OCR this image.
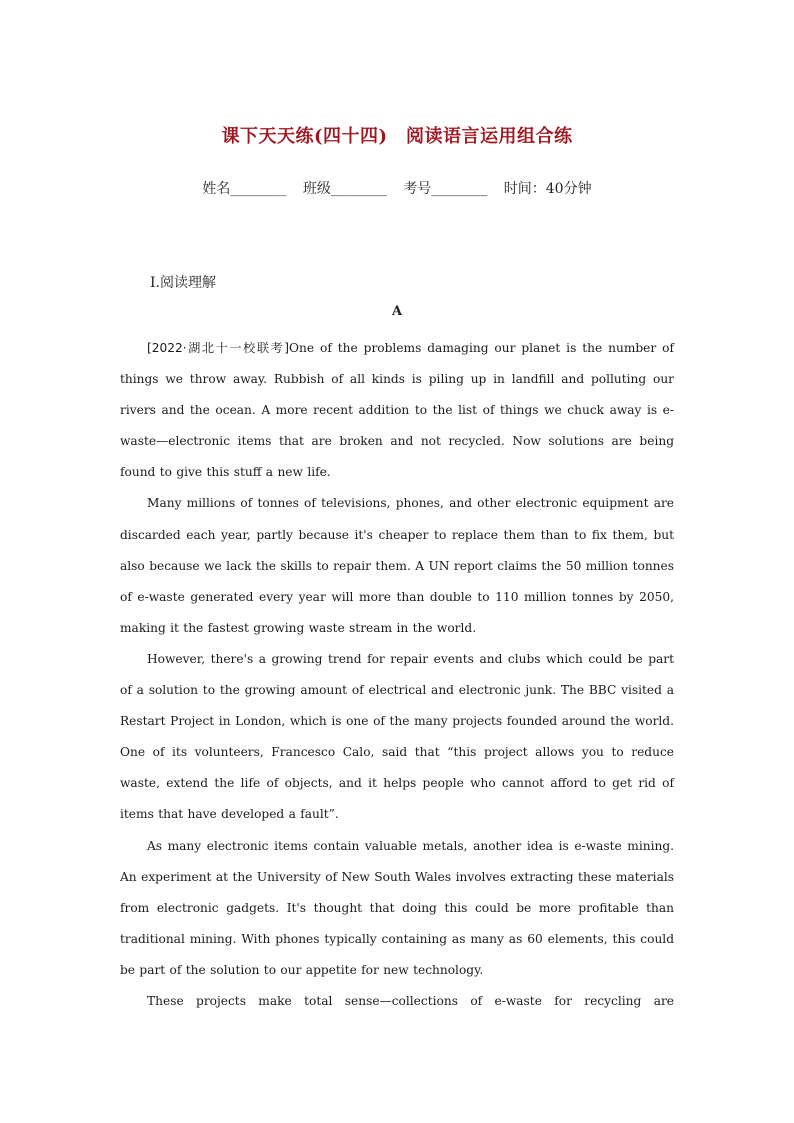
课下天天练(四十四)　阅读语言运用组合练
姓名________ 班级________ 考号________ 时间：40分钟
Ⅰ.阅读理解
A

[2022·湖北十一校联考]One of the problems damaging our planet is the number of things we throw away. Rubbish of all kinds is piling up in landfill and polluting our rivers and the ocean. A more recent addition to the list of things we chuck away is e-waste—electronic items that are broken and not recycled. Now solutions are being found to give this stuff a new life.

Many millions of tonnes of televisions, phones, and other electronic equipment are discarded each year, partly because it's cheaper to replace them than to fix them, but also because we lack the skills to repair them. A UN report claims the 50 million tonnes of e-waste generated every year will more than double to 110 million tonnes by 2050, making it the fastest growing waste stream in the world.

However, there's a growing trend for repair events and clubs which could be part of a solution to the growing amount of electrical and electronic junk. The BBC visited a Restart Project in London, which is one of the many projects founded around the world. One of its volunteers, Francesco Calo, said that “this project allows you to reduce waste, extend the life of objects, and it helps people who cannot afford to get rid of items that have developed a fault”.

As many electronic items contain valuable metals, another idea is e-waste mining. An experiment at the University of New South Wales involves extracting these materials from electronic gadgets. It's thought that doing this could be more profitable than traditional mining. With phones typically containing as many as 60 elements, this could be part of the solution to our appetite for new technology.

These projects make total sense—collections of e-waste for recycling are
